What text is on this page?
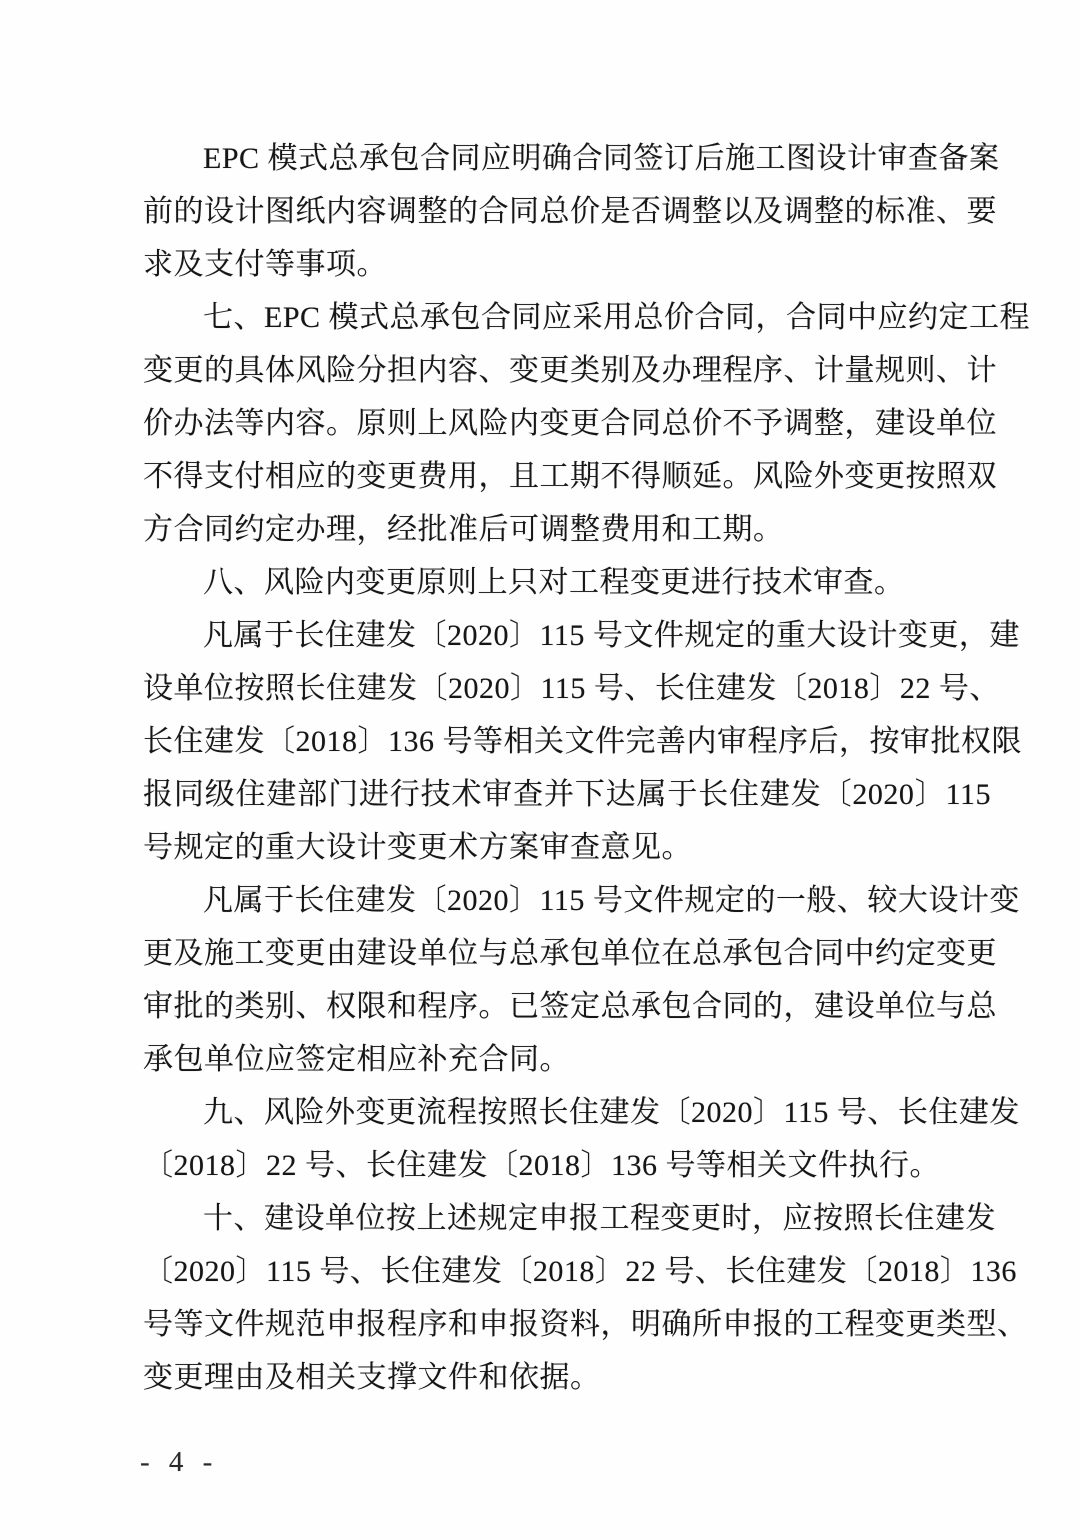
EPC 模式总承包合同应明确合同签订后施工图设计审查备案
前的设计图纸内容调整的合同总价是否调整以及调整的标准、要
求及支付等事项。
七、EPC 模式总承包合同应采用总价合同，合同中应约定工程
变更的具体风险分担内容、变更类别及办理程序、计量规则、计
价办法等内容。原则上风险内变更合同总价不予调整，建设单位
不得支付相应的变更费用，且工期不得顺延。风险外变更按照双
方合同约定办理，经批准后可调整费用和工期。
八、风险内变更原则上只对工程变更进行技术审查。
凡属于长住建发〔2020〕115 号文件规定的重大设计变更，建
设单位按照长住建发〔2020〕115 号、长住建发〔2018〕22 号、
长住建发〔2018〕136 号等相关文件完善内审程序后，按审批权限
报同级住建部门进行技术审查并下达属于长住建发〔2020〕115
号规定的重大设计变更术方案审查意见。
凡属于长住建发〔2020〕115 号文件规定的一般、较大设计变
更及施工变更由建设单位与总承包单位在总承包合同中约定变更
审批的类别、权限和程序。已签定总承包合同的，建设单位与总
承包单位应签定相应补充合同。
九、风险外变更流程按照长住建发〔2020〕115 号、长住建发
〔2018〕22 号、长住建发〔2018〕136 号等相关文件执行。
十、建设单位按上述规定申报工程变更时，应按照长住建发
〔2020〕115 号、长住建发〔2018〕22 号、长住建发〔2018〕136
号等文件规范申报程序和申报资料，明确所申报的工程变更类型、
变更理由及相关支撑文件和依据。
- 4 -
